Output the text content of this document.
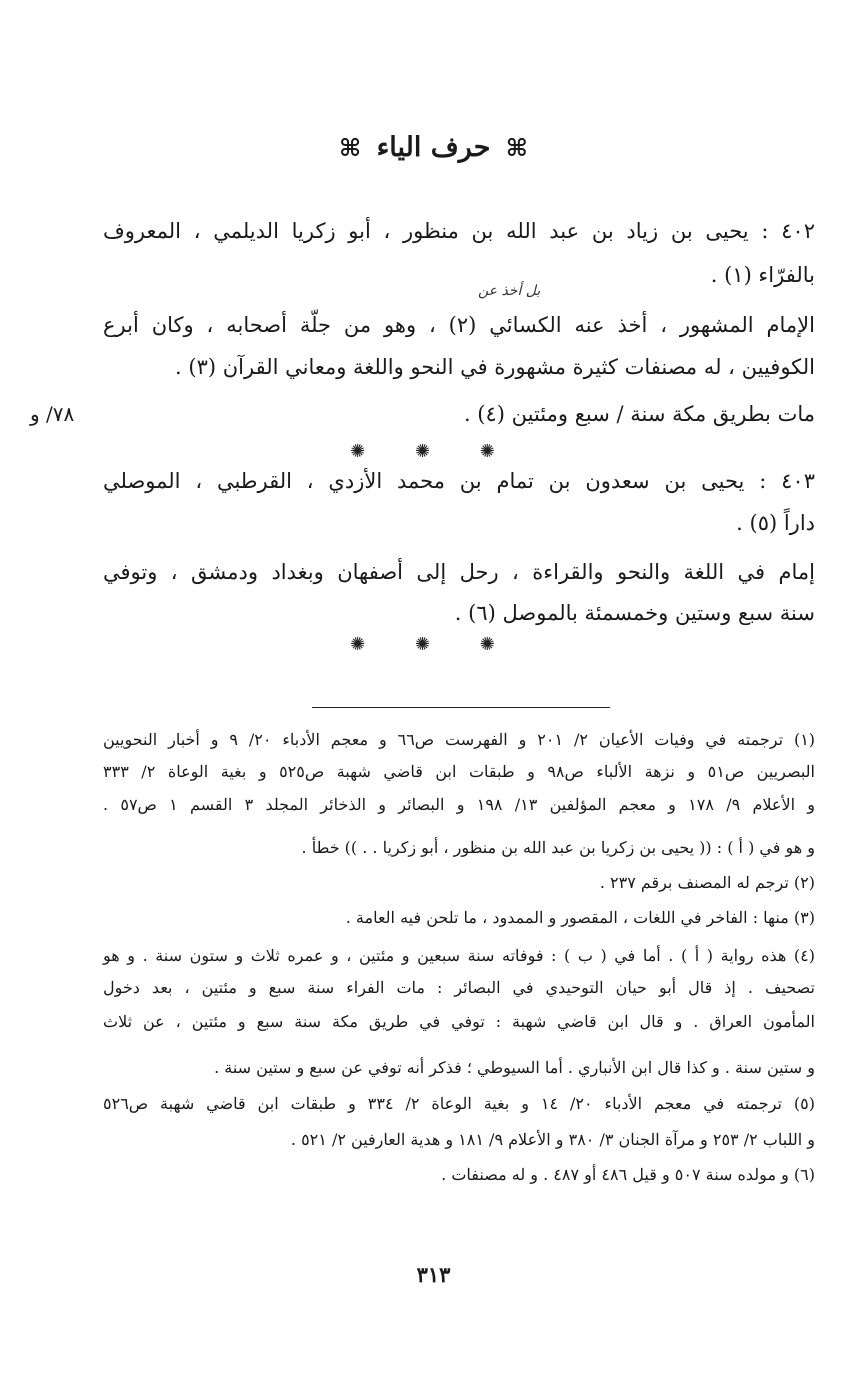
⌘ حرف الياء ⌘
٤٠٢ : يحيى بن زياد بن عبد الله بن منظور ، أبو زكريا الديلمي ، المعروف
بالفرّاء (١) .
بل أخذ عن
الإمام المشهور ، أخذ عنه الكسائي (٢) ، وهو من جلّة أصحابه ، وكان أبرع
الكوفيين ، له مصنفات كثيرة مشهورة في النحو واللغة ومعاني القرآن (٣) .
مات بطريق مكة سنة / سبع ومئتين (٤) .
٧٨/ و
✺ ✺ ✺
٤٠٣ : يحيى بن سعدون بن تمام بن محمد الأزدي ، القرطبي ، الموصلي
داراً (٥) .
إمام في اللغة والنحو والقراءة ، رحل إلى أصفهان وبغداد ودمشق ، وتوفي
سنة سبع وستين وخمسمئة بالموصل (٦) .
✺ ✺ ✺
(١) ترجمته في وفيات الأعيان ٢/ ٢٠١ و الفهرست ص٦٦ و معجم الأدباء ٢٠/ ٩ و أخبار النحويين
البصريين ص٥١ و نزهة الألباء ص٩٨ و طبقات ابن قاضي شهبة ص٥٢٥ و بغية الوعاة ٢/ ٣٣٣
و الأعلام ٩/ ١٧٨ و معجم المؤلفين ١٣/ ١٩٨ و البصائر و الذخائر المجلد ٣ القسم ١ ص٥٧ .
و هو في ( أ ) : (( يحيى بن زكريا بن عبد الله بن منظور ، أبو زكريا . . )) خطأ .
(٢) ترجم له المصنف برقم ٢٣٧ .
(٣) منها : الفاخر في اللغات ، المقصور و الممدود ، ما تلحن فيه العامة .
(٤) هذه رواية ( أ ) . أما في ( ب ) : فوفاته سنة سبعين و مئتين ، و عمره ثلاث و ستون سنة . و هو
تصحيف . إذ قال أبو حيان التوحيدي في البصائر : مات الفراء سنة سبع و مئتين ، بعد دخول
المأمون العراق . و قال ابن قاضي شهبة : توفي في طريق مكة سنة سبع و مئتين ، عن ثلاث
و ستين سنة . و كذا قال ابن الأنباري . أما السيوطي ؛ فذكر أنه توفي عن سبع و ستين سنة .
(٥) ترجمته في معجم الأدباء ٢٠/ ١٤ و بغية الوعاة ٢/ ٣٣٤ و طبقات ابن قاضي شهبة ص٥٢٦
و اللباب ٢/ ٢٥٣ و مرآة الجنان ٣/ ٣٨٠ و الأعلام ٩/ ١٨١ و هدية العارفين ٢/ ٥٢١ .
(٦) و مولده سنة ٥٠٧ و قيل ٤٨٦ أو ٤٨٧ . و له مصنفات .
٣١٣
